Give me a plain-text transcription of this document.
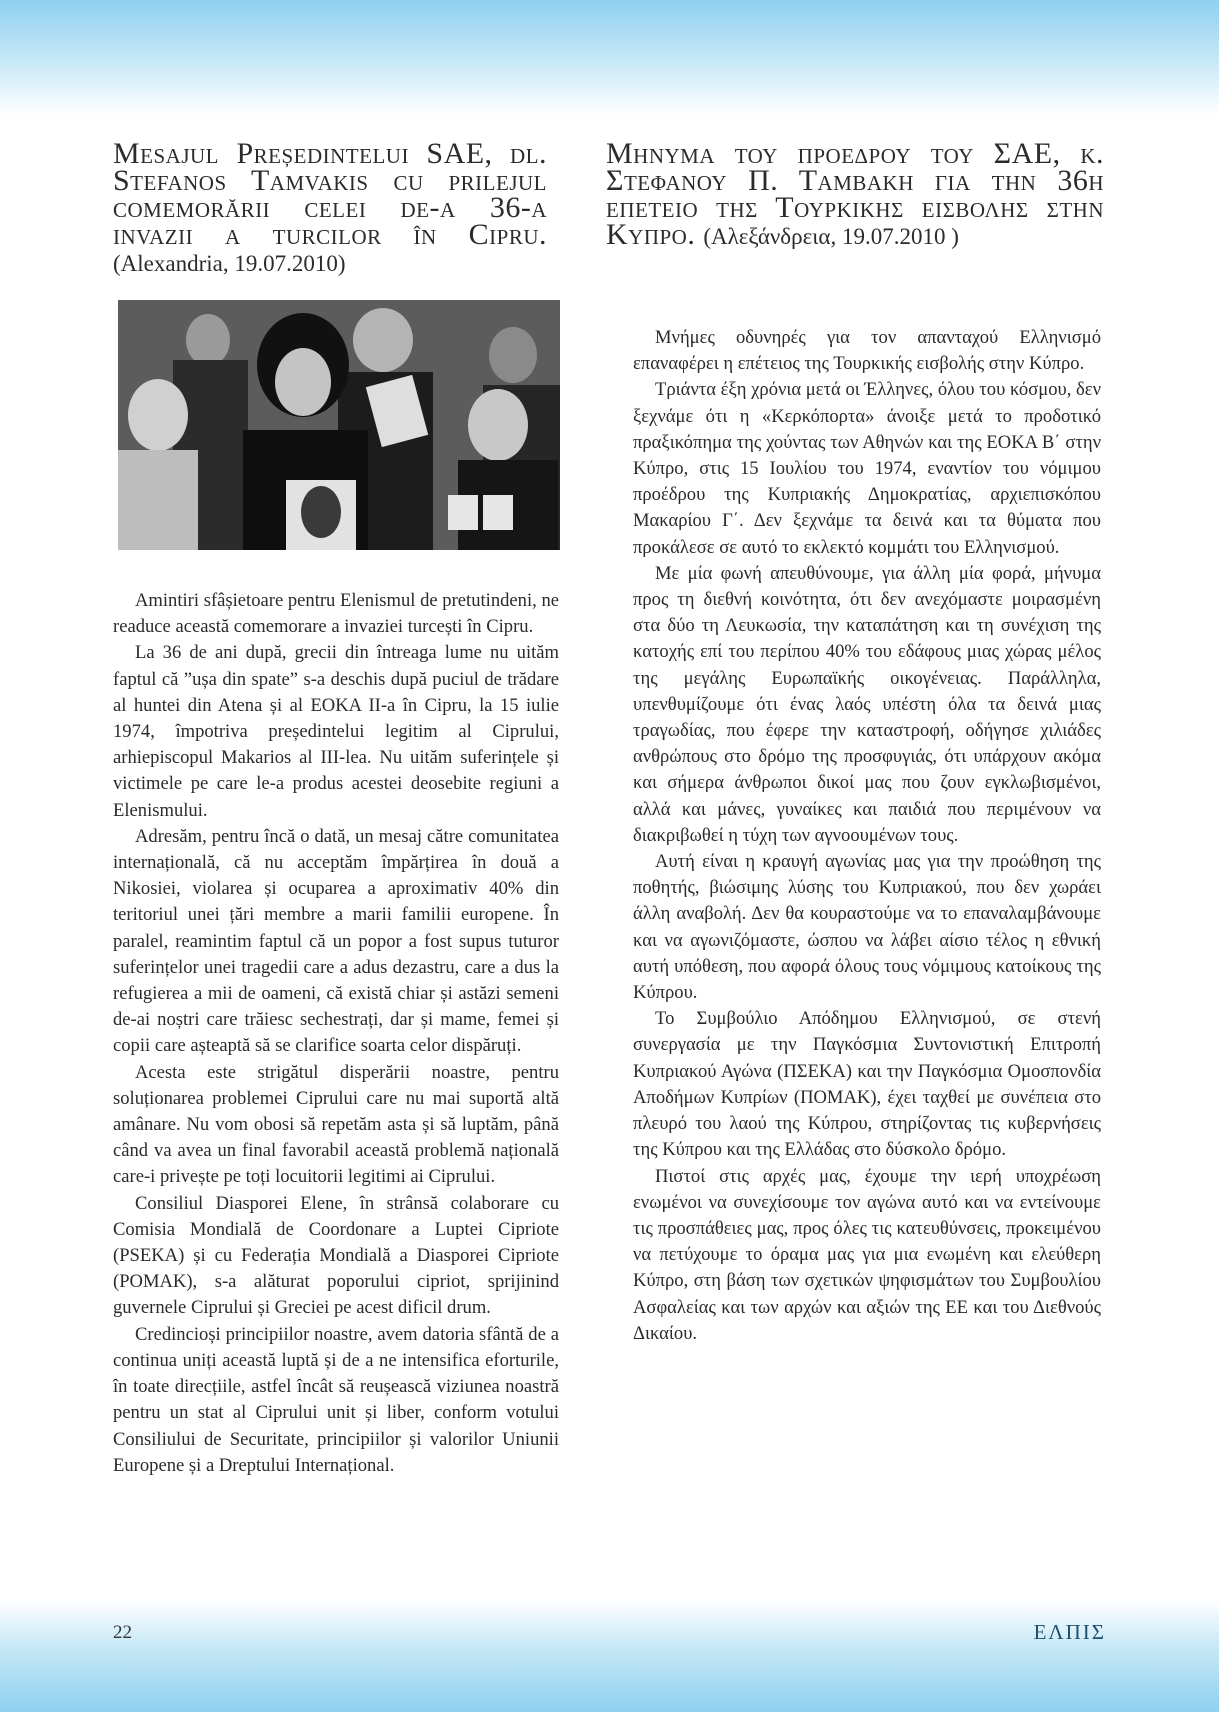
Mesajul Președintelui SAE, dl. Stefanos Tamvakis cu prilejul comemorării celei de-a 36-a invazii a turcilor în Cipru. (Alexandria, 19.07.2010)
Μηνυμα του προεδρου του ΣΑΕ, κ. Στεφανου Π. Ταμβακη για την 36η επετειο της Τουρκικης εισβολης στην Κυπρο. (Αλεξάνδρεια, 19.07.2010 )

Amintiri sfâșietoare pentru Elenismul de pretutindeni, ne readuce această comemorare a invaziei turcești în Cipru.

La 36 de ani după, grecii din întreaga lume nu uităm faptul că ”ușa din spate” s-a deschis după puciul de trădare al huntei din Atena și al EOKA II-a în Cipru, la 15 iulie 1974, împotriva președintelui legitim al Ciprului, arhiepiscopul Makarios al III-lea. Nu uităm suferințele și victimele pe care le-a produs acestei deosebite regiuni a Elenismului.

Adresăm, pentru încă o dată, un mesaj către comunitatea internațională, că nu acceptăm împărțirea în două a Nikosiei, violarea și ocuparea a aproximativ 40% din teritoriul unei țări membre a marii familii europene. În paralel, reamintim faptul că un popor a fost supus tuturor suferințelor unei tragedii care a adus dezastru, care a dus la refugierea a mii de oameni, că există chiar și astăzi semeni de-ai noștri care trăiesc sechestrați, dar și mame, femei și copii care așteaptă să se clarifice soarta celor dispăruți.

Acesta este strigătul disperării noastre, pentru soluționarea problemei Ciprului care nu mai suportă altă amânare. Nu vom obosi să repetăm asta și să luptăm, până când va avea un final favorabil această problemă națională care-i privește pe toți locuitorii legitimi ai Ciprului.

Consiliul Diasporei Elene, în strânsă colaborare cu Comisia Mondială de Coordonare a Luptei Cipriote (PSEKA) și cu Federația Mondială a Diasporei Cipriote (POMAK), s-a alăturat poporului cipriot, sprijinind guvernele Ciprului și Greciei pe acest dificil drum.

Credincioși principiilor noastre, avem datoria sfântă de a continua uniți această luptă și de a ne intensifica eforturile, în toate direcțiile, astfel încât să reușească viziunea noastră pentru un stat al Ciprului unit și liber, conform votului Consiliului de Securitate, principiilor și valorilor Uniunii Europene și a Dreptului Internațional.

Μνήμες οδυνηρές για τον απανταχού Ελληνισμό επαναφέρει η επέτειος της Τουρκικής εισβολής στην Κύπρο.

Τριάντα έξη χρόνια μετά οι Έλληνες, όλου του κόσμου, δεν ξεχνάμε ότι η «Κερκόπορτα» άνοιξε μετά το προδοτικό πραξικόπημα της χούντας των Αθηνών και της ΕΟΚΑ Β΄ στην Κύπρο, στις 15 Ιουλίου του 1974, εναντίον του νόμιμου προέδρου της Κυπριακής Δημοκρατίας, αρχιεπισκόπου Μακαρίου Γ΄. Δεν ξεχνάμε τα δεινά και τα θύματα που προκάλεσε σε αυτό το εκλεκτό κομμάτι του Ελληνισμού.

Με μία φωνή απευθύνουμε, για άλλη μία φορά, μήνυμα προς τη διεθνή κοινότητα, ότι δεν ανεχόμαστε μοιρασμένη στα δύο τη Λευκωσία, την καταπάτηση και τη συνέχιση της κατοχής επί του περίπου 40% του εδάφους μιας χώρας μέλος της μεγάλης Ευρωπαϊκής οικογένειας. Παράλληλα, υπενθυμίζουμε ότι ένας λαός υπέστη όλα τα δεινά μιας τραγωδίας, που έφερε την καταστροφή, οδήγησε χιλιάδες ανθρώπους στο δρόμο της προσφυγιάς, ότι υπάρχουν ακόμα και σήμερα άνθρωποι δικοί μας που ζουν εγκλωβισμένοι, αλλά και μάνες, γυναίκες και παιδιά που περιμένουν να διακριβωθεί η τύχη των αγνοουμένων τους.

Αυτή είναι η κραυγή αγωνίας μας για την προώθηση της ποθητής, βιώσιμης λύσης του Κυπριακού, που δεν χωράει άλλη αναβολή. Δεν θα κουραστούμε να το επαναλαμβάνουμε και να αγωνιζόμαστε, ώσπου να λάβει αίσιο τέλος η εθνική αυτή υπόθεση, που αφορά όλους τους νόμιμους κατοίκους της Κύπρου.

Το Συμβούλιο Απόδημου Ελληνισμού, σε στενή συνεργασία με την Παγκόσμια Συντονιστική Επιτροπή Κυπριακού Αγώνα (ΠΣΕΚΑ) και την Παγκόσμια Ομοσπονδία Αποδήμων Κυπρίων (ΠΟΜΑΚ), έχει ταχθεί με συνέπεια στο πλευρό του λαού της Κύπρου, στηρίζοντας τις κυβερνήσεις της Κύπρου και της Ελλάδας στο δύσκολο δρόμο.

Πιστοί στις αρχές μας, έχουμε την ιερή υποχρέωση ενωμένοι να συνεχίσουμε τον αγώνα αυτό και να εντείνουμε τις προσπάθειες μας, προς όλες τις κατευθύνσεις, προκειμένου να πετύχουμε το όραμα μας για μια ενωμένη και ελεύθερη Κύπρο, στη βάση των σχετικών ψηφισμάτων του Συμβουλίου Ασφαλείας και των αρχών και αξιών της ΕΕ και του Διεθνούς Δικαίου.

22	ΕΛΠΙΣ
